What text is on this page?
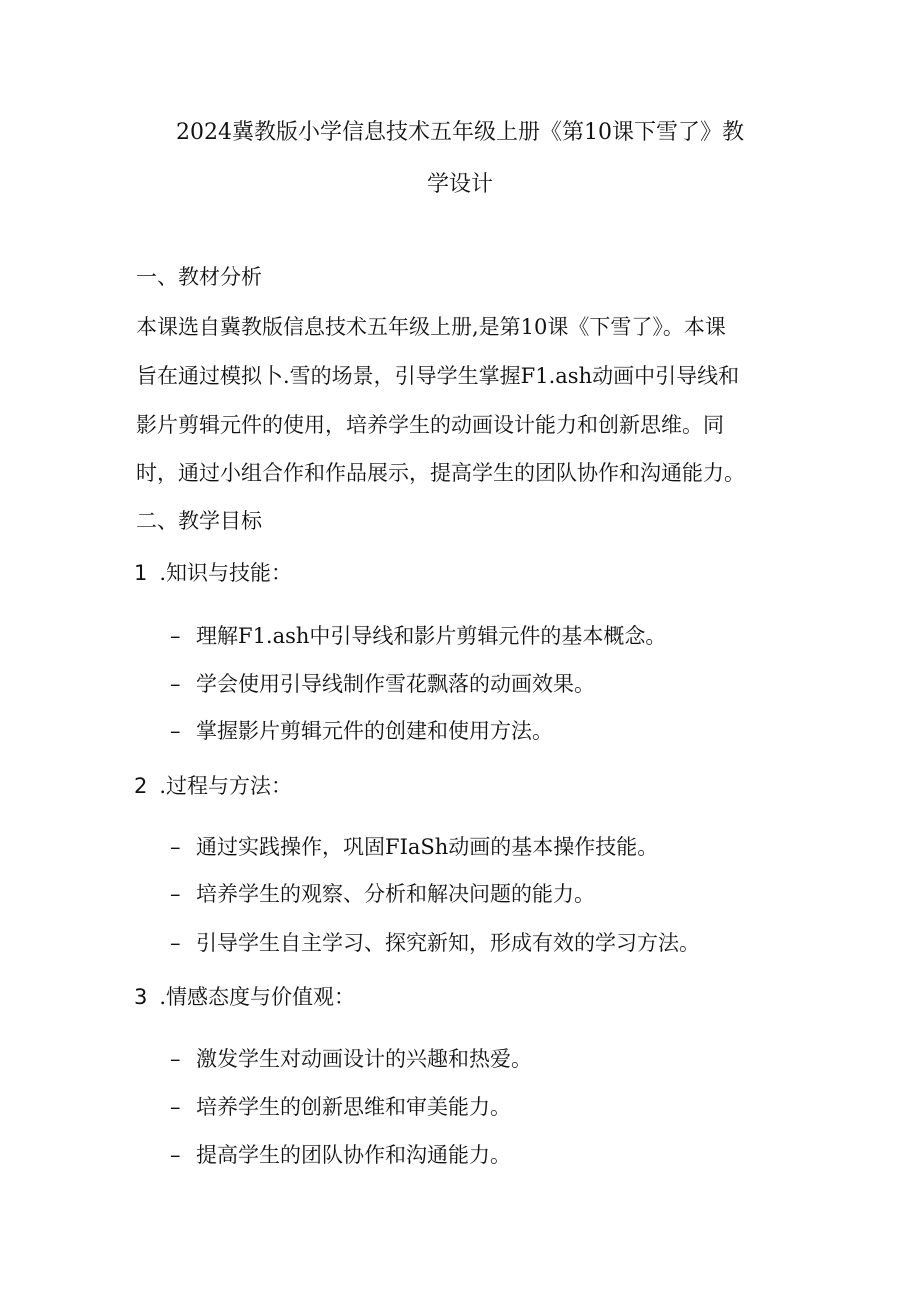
2024冀教版小学信息技术五年级上册《第10课下雪了》教
学设计
一、教材分析

本课选自冀教版信息技术五年级上册,是第10课《下雪了》。本课

旨在通过模拟卜.雪的场景，引导学生掌握F1.ash动画中引导线和

影片剪辑元件的使用，培养学生的动画设计能力和创新思维。同

时，通过小组合作和作品展示，提高学生的团队协作和沟通能力。

二、教学目标

1 .知识与技能：

– 理解F1.ash中引导线和影片剪辑元件的基本概念。

– 学会使用引导线制作雪花飘落的动画效果。

– 掌握影片剪辑元件的创建和使用方法。

2 .过程与方法：

– 通过实践操作，巩固FIaSh动画的基本操作技能。

– 培养学生的观察、分析和解决问题的能力。

– 引导学生自主学习、探究新知，形成有效的学习方法。

3 .情感态度与价值观：

– 激发学生对动画设计的兴趣和热爱。

– 培养学生的创新思维和审美能力。

– 提高学生的团队协作和沟通能力。
